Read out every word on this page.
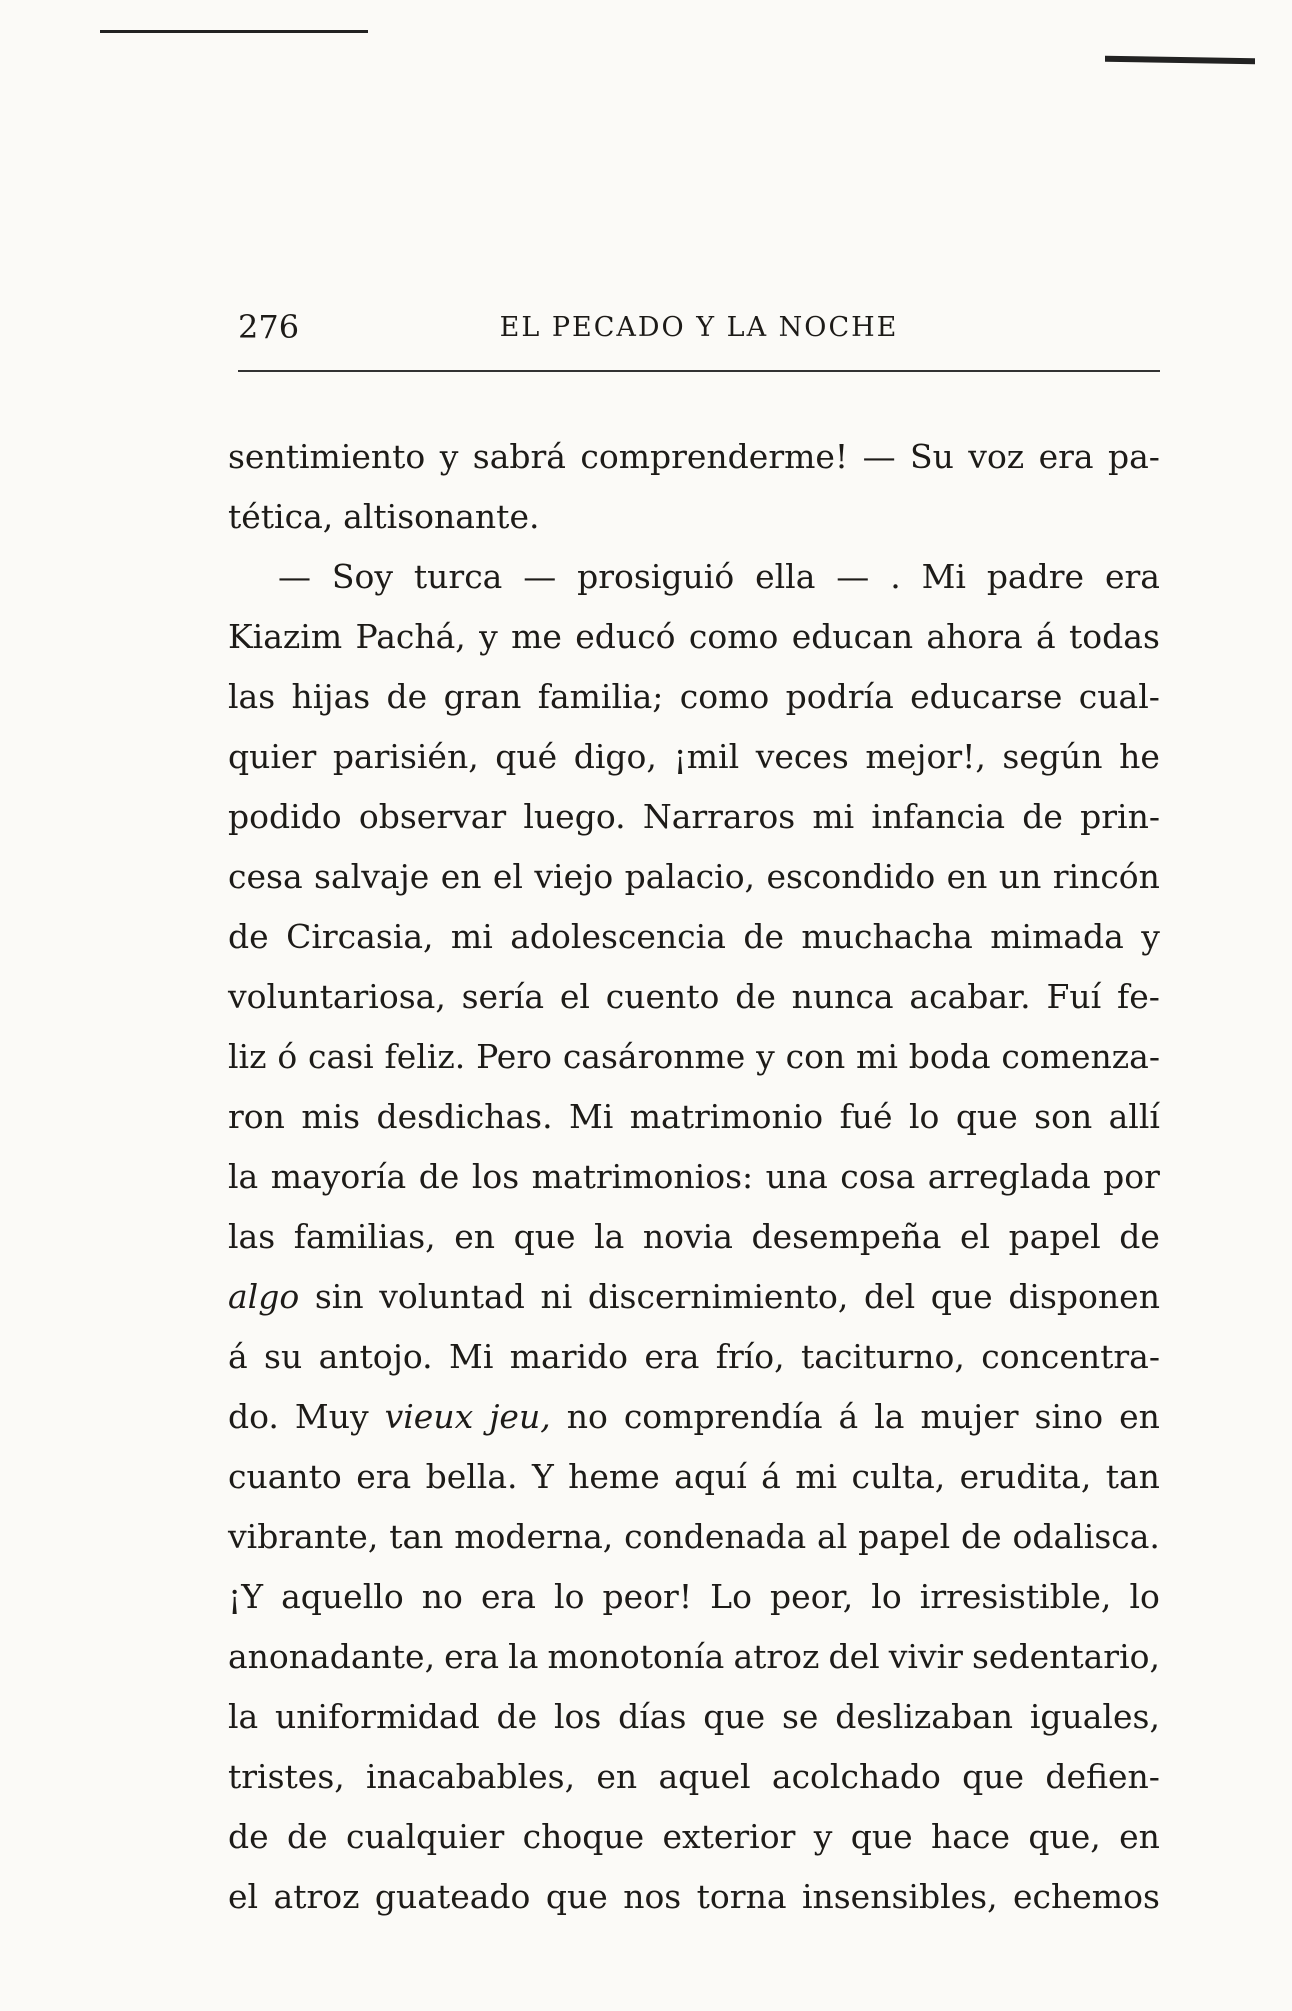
276	EL PECADO Y LA NOCHE
sentimiento y sabrá comprenderme! — Su voz era pa-
tética, altisonante.
— Soy turca — prosiguió ella — . Mi padre era
Kiazim Pachá, y me educó como educan ahora á todas
las hijas de gran familia; como podría educarse cual-
quier parisién, qué digo, ¡mil veces mejor!, según he
podido observar luego. Narraros mi infancia de prin-
cesa salvaje en el viejo palacio, escondido en un rincón
de Circasia, mi adolescencia de muchacha mimada y
voluntariosa, sería el cuento de nunca acabar. Fuí fe-
liz ó casi feliz. Pero casáronme y con mi boda comenza-
ron mis desdichas. Mi matrimonio fué lo que son allí
la mayoría de los matrimonios: una cosa arreglada por
las familias, en que la novia desempeña el papel de
algo sin voluntad ni discernimiento, del que disponen
á su antojo. Mi marido era frío, taciturno, concentra-
do. Muy vieux jeu, no comprendía á la mujer sino en
cuanto era bella. Y heme aquí á mi culta, erudita, tan
vibrante, tan moderna, condenada al papel de odalisca.
¡Y aquello no era lo peor! Lo peor, lo irresistible, lo
anonadante, era la monotonía atroz del vivir sedentario,
la uniformidad de los días que se deslizaban iguales,
tristes, inacabables, en aquel acolchado que defien-
de de cualquier choque exterior y que hace que, en
el atroz guateado que nos torna insensibles, echemos
